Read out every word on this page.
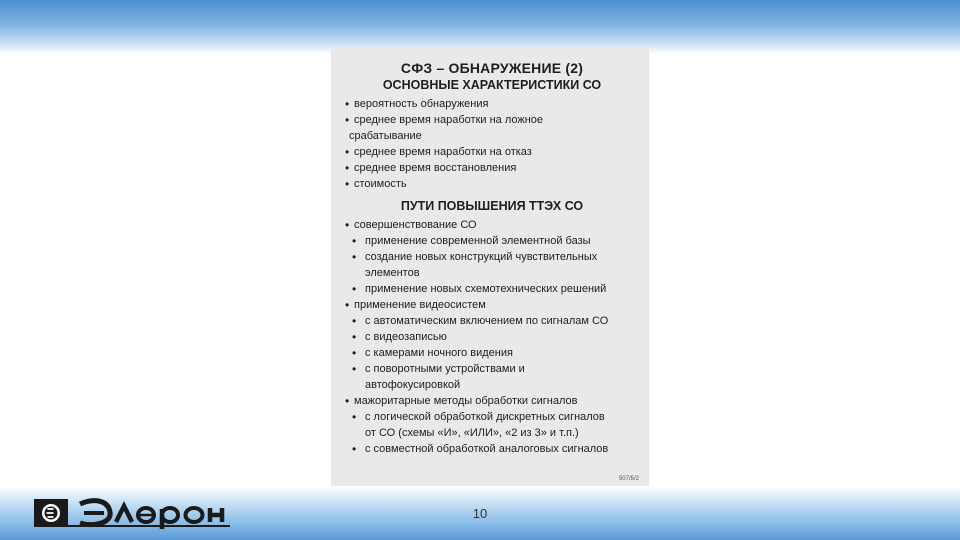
СФЗ – ОБНАРУЖЕНИЕ (2)
ОСНОВНЫЕ ХАРАКТЕРИСТИКИ СО
• вероятность обнаружения
• среднее время наработки на ложное
срабатывание
• среднее время наработки на отказ
• среднее время восстановления
• стоимость
ПУТИ ПОВЫШЕНИЯ ТТЭХ СО
• совершенствование СО
• применение современной элементной базы
• создание новых конструкций чувствительных
элементов
• применение новых схемотехнических решений
• применение видеосистем
• с автоматическим включением по сигналам СО
• с видеозаписью
• с камерами ночного видения
• с поворотными устройствами и
автофокусировкой
• мажоритарные методы обработки сигналов
• с логической обработкой дискретных сигналов
от СО (схемы «И», «ИЛИ», «2 из 3» и т.п.)
• с совместной обработкой аналоговых сигналов
507/5/2
10
